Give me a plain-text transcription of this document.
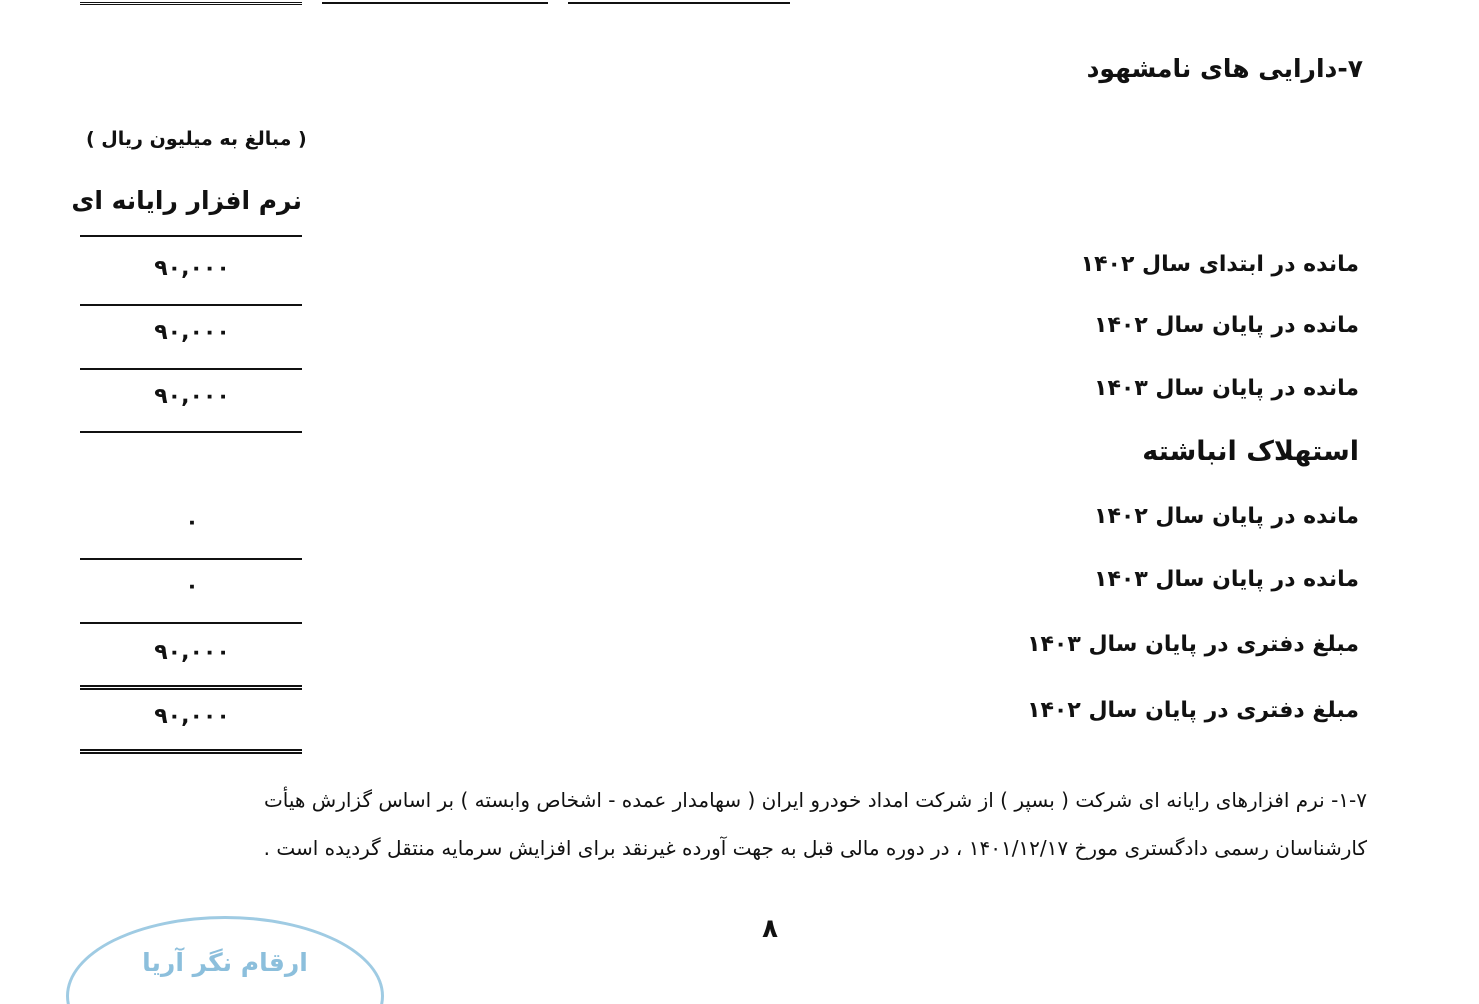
۷-دارایی های نامشهود
( مبالغ به میلیون ریال )
نرم افزار رایانه ای
مانده در ابتدای سال ۱۴۰۲
۹۰,۰۰۰
مانده در پایان سال ۱۴۰۲
۹۰,۰۰۰
مانده در پایان سال ۱۴۰۳
۹۰,۰۰۰
استهلاک انباشته
مانده در پایان سال ۱۴۰۲
۰
مانده در پایان سال ۱۴۰۳
۰
مبلغ دفتری در پایان سال ۱۴۰۳
۹۰,۰۰۰
مبلغ دفتری در پایان سال ۱۴۰۲
۹۰,۰۰۰
۱-۷- نرم افزارهای رایانه ای شرکت ( بسپر ) از شرکت امداد خودرو ایران ( سهامدار عمده - اشخاص وابسته ) بر اساس گزارش هیأت
کارشناسان رسمی دادگستری مورخ ۱۴۰۱/۱۲/۱۷ ، در دوره مالی قبل به جهت آورده غیرنقد برای افزایش سرمایه منتقل گردیده است .
۸
ارقام نگر آریا
